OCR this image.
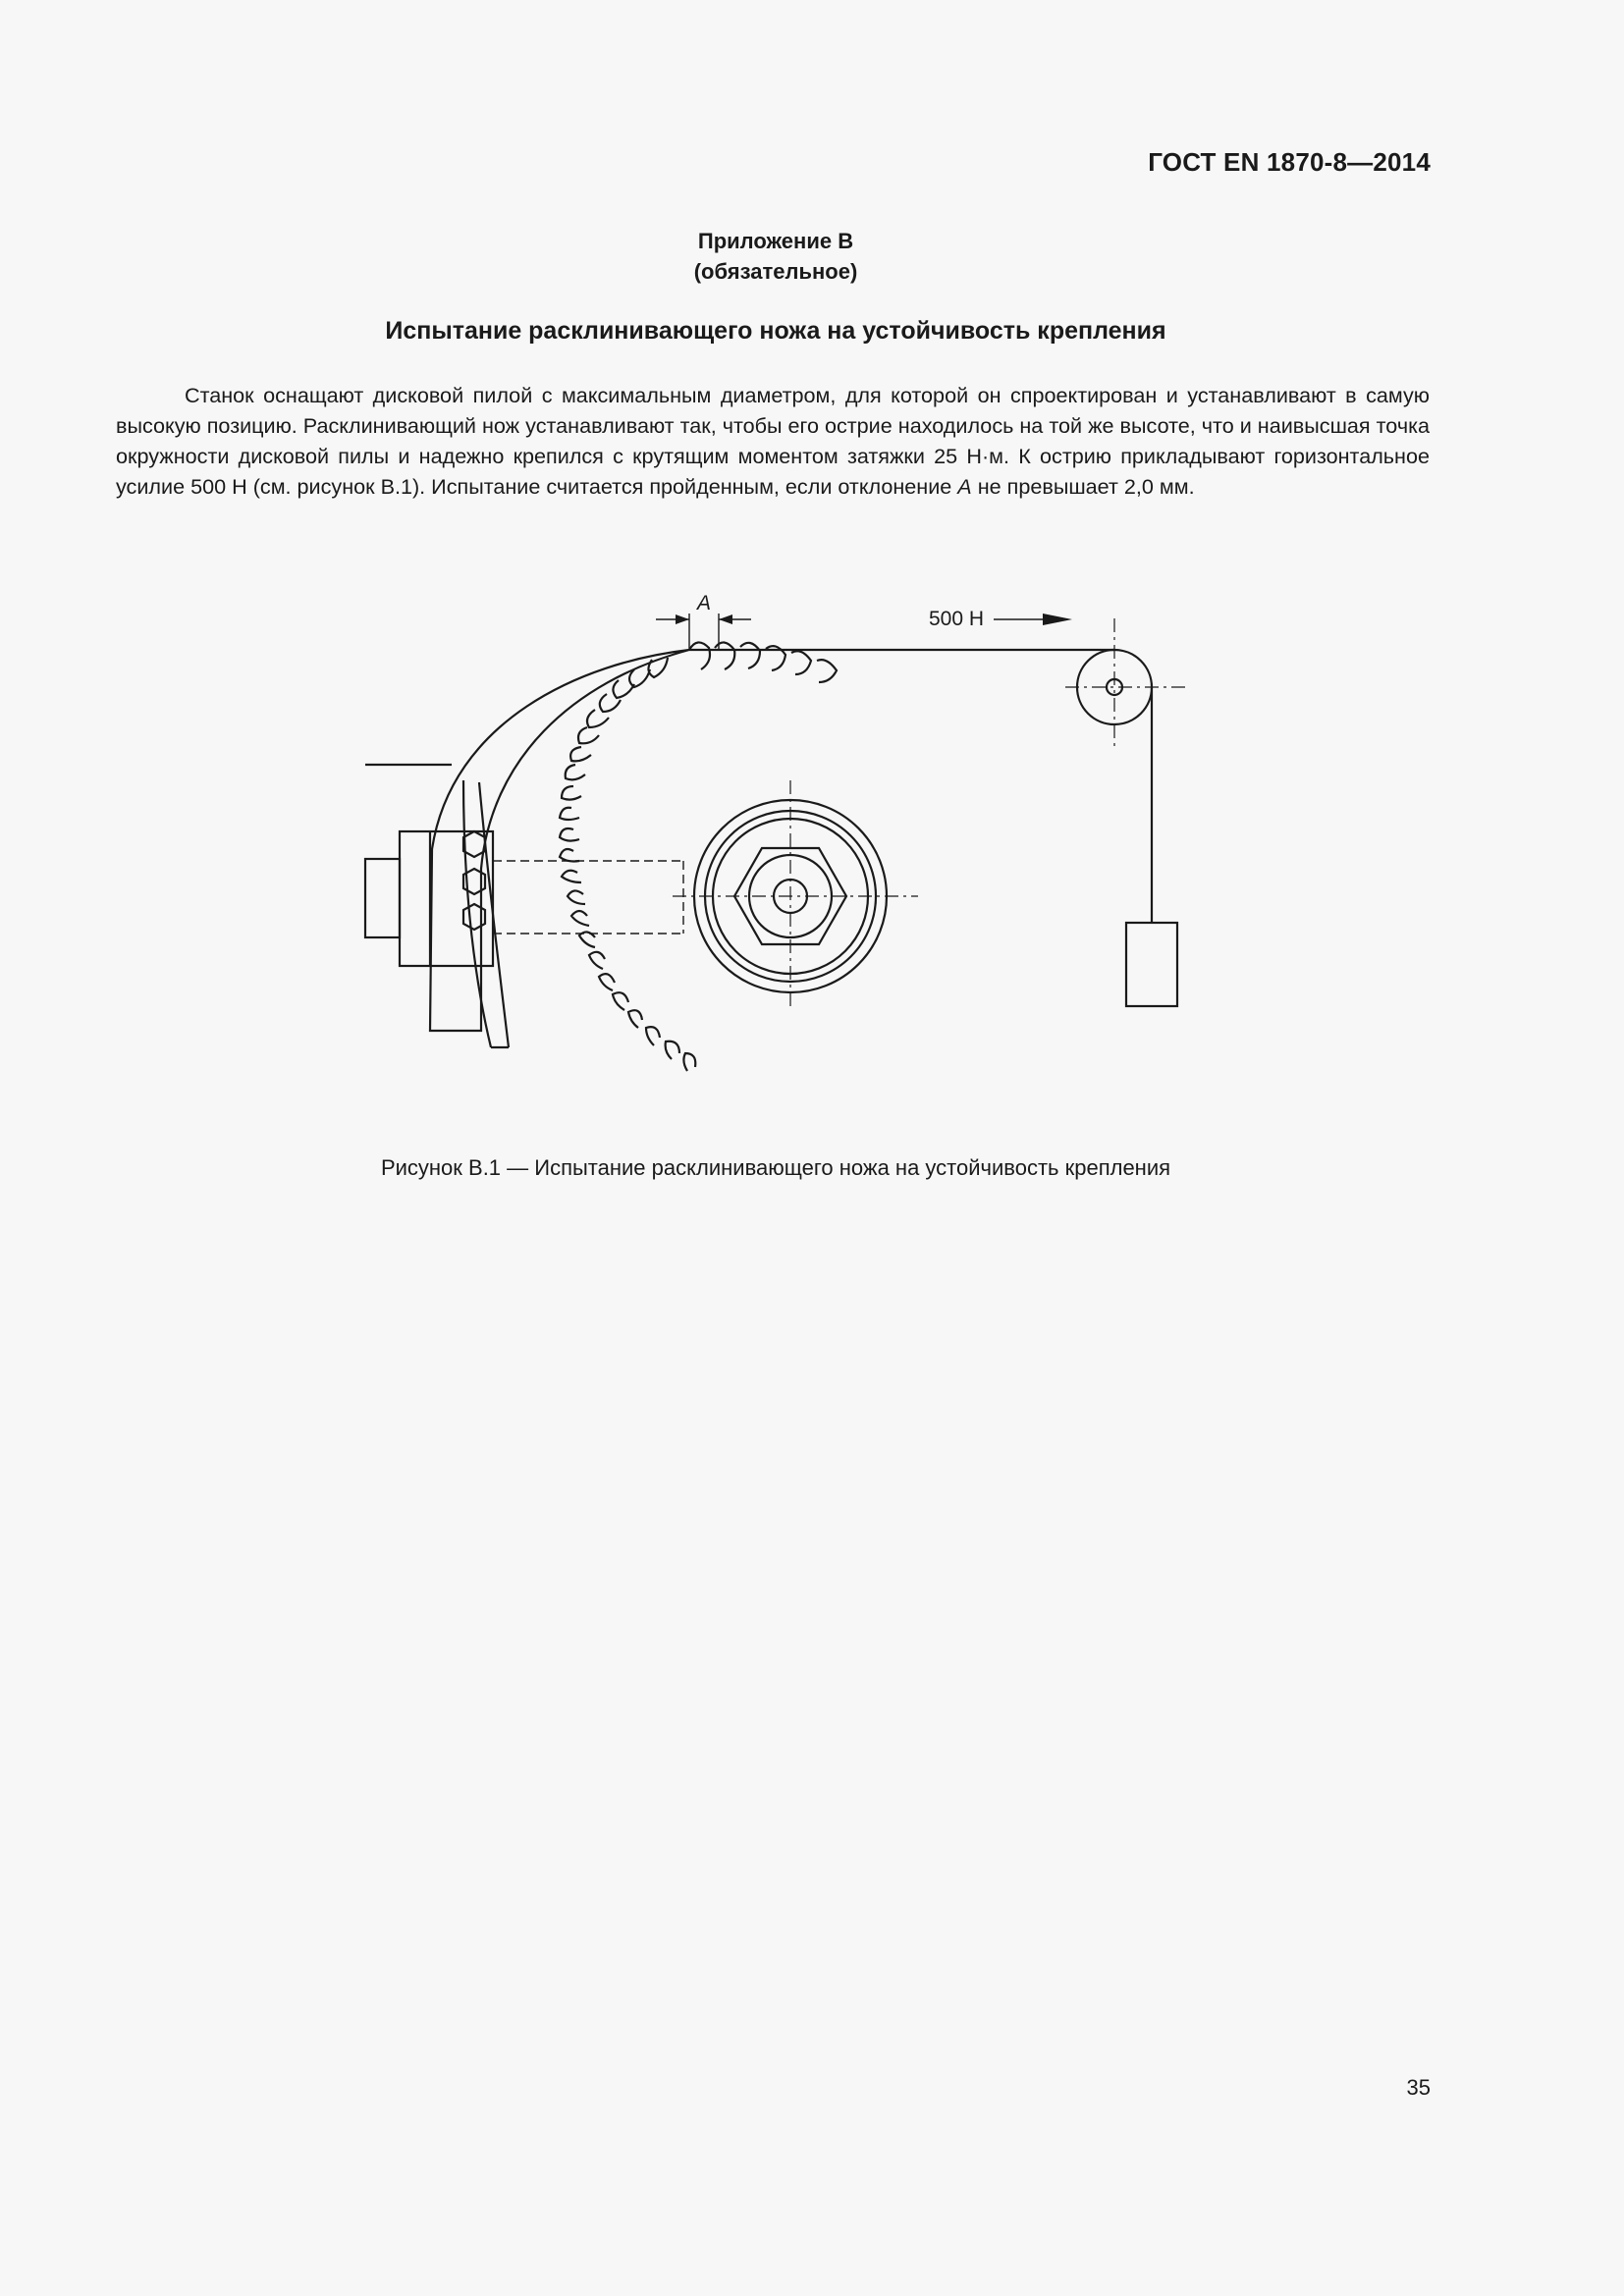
ГОСТ EN 1870-8—2014
Приложение В
(обязательное)
Испытание расклинивающего ножа на устойчивость крепления

Станок оснащают дисковой пилой с максимальным диаметром, для которой он спроектирован и устанавливают в самую высокую позицию. Расклинивающий нож устанавливают так, чтобы его острие находилось на той же высоте, что и наивысшая точка окружности дисковой пилы и надежно крепился с крутящим моментом затяжки 25 Н·м. К острию прикладывают горизонтальное усилие 500 Н (см. рисунок В.1). Испытание считается пройденным, если отклонение А не превышает 2,0 мм.

А
500 Н
Рисунок В.1 — Испытание расклинивающего ножа на устойчивость крепления
35
